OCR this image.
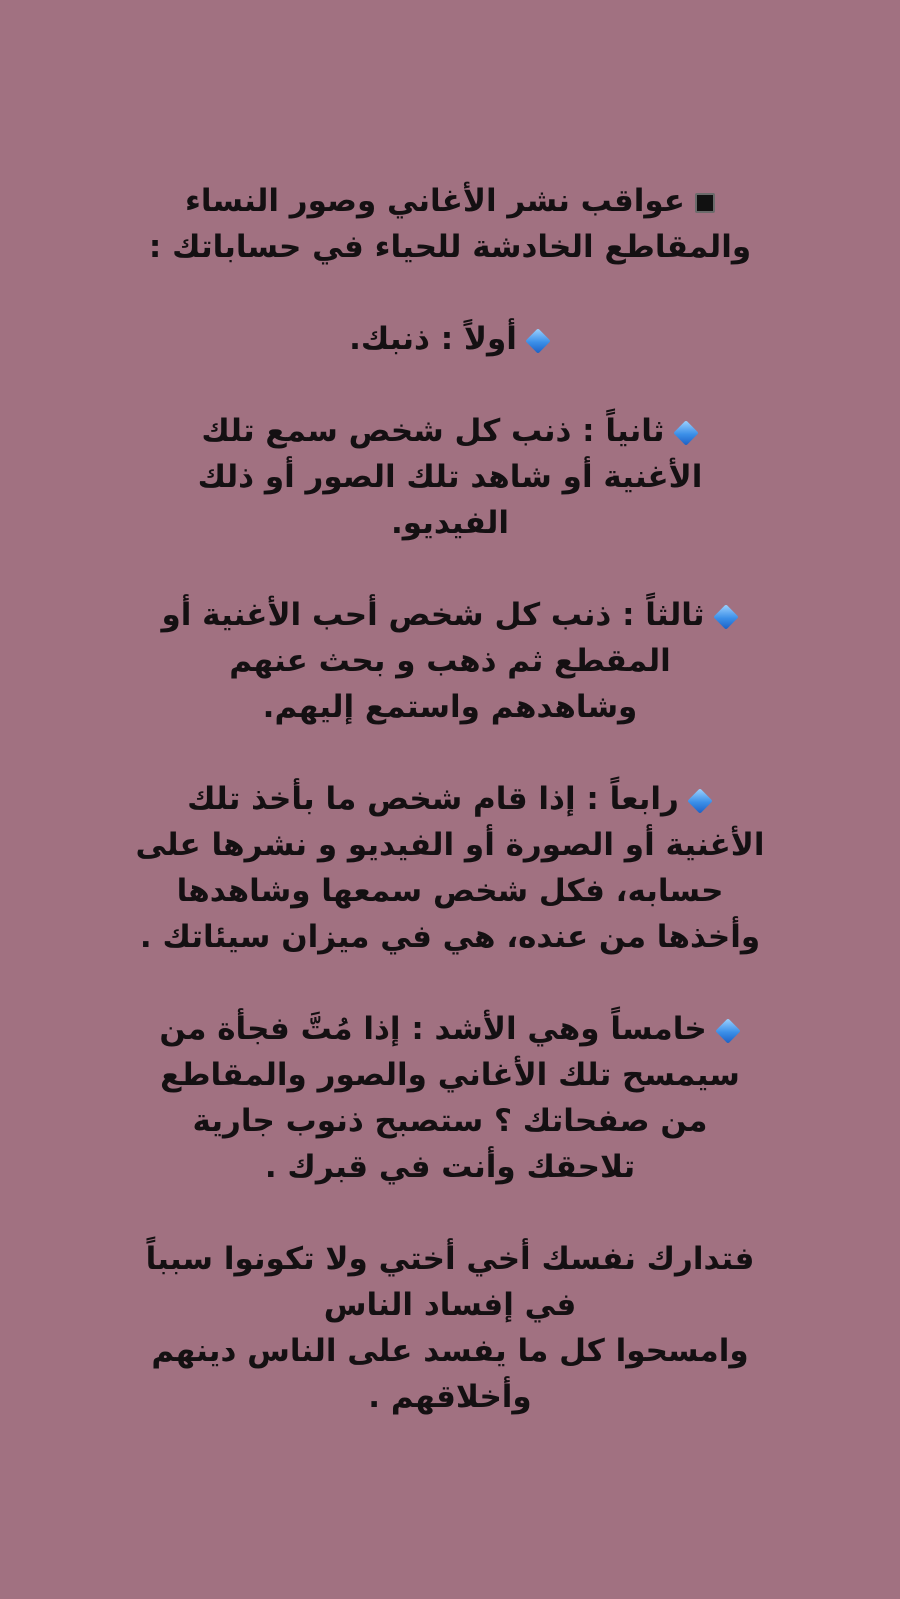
عواقب نشر الأغاني وصور النساء
والمقاطع الخادشة للحياء في حساباتك :
أولاً : ذنبك.
ثانياً : ذنب كل شخص سمع تلك
الأغنية أو شاهد تلك الصور أو ذلك
الفيديو.
ثالثاً : ذنب كل شخص أحب الأغنية أو
المقطع ثم ذهب و بحث عنهم
وشاهدهم واستمع إليهم.
رابعاً : إذا قام شخص ما بأخذ تلك
الأغنية أو الصورة أو الفيديو و نشرها على
حسابه، فكل شخص سمعها وشاهدها
وأخذها من عنده، هي في ميزان سيئاتك .
خامساً وهي الأشد : إذا مُتَّ فجأة من
سيمسح تلك الأغاني والصور والمقاطع
من صفحاتك ؟ ستصبح ذنوب جارية
تلاحقك وأنت في قبرك .
فتدارك نفسك أخي أختي ولا تكونوا سبباً
في إفساد الناس
وامسحوا كل ما يفسد على الناس دينهم
وأخلاقهم .
